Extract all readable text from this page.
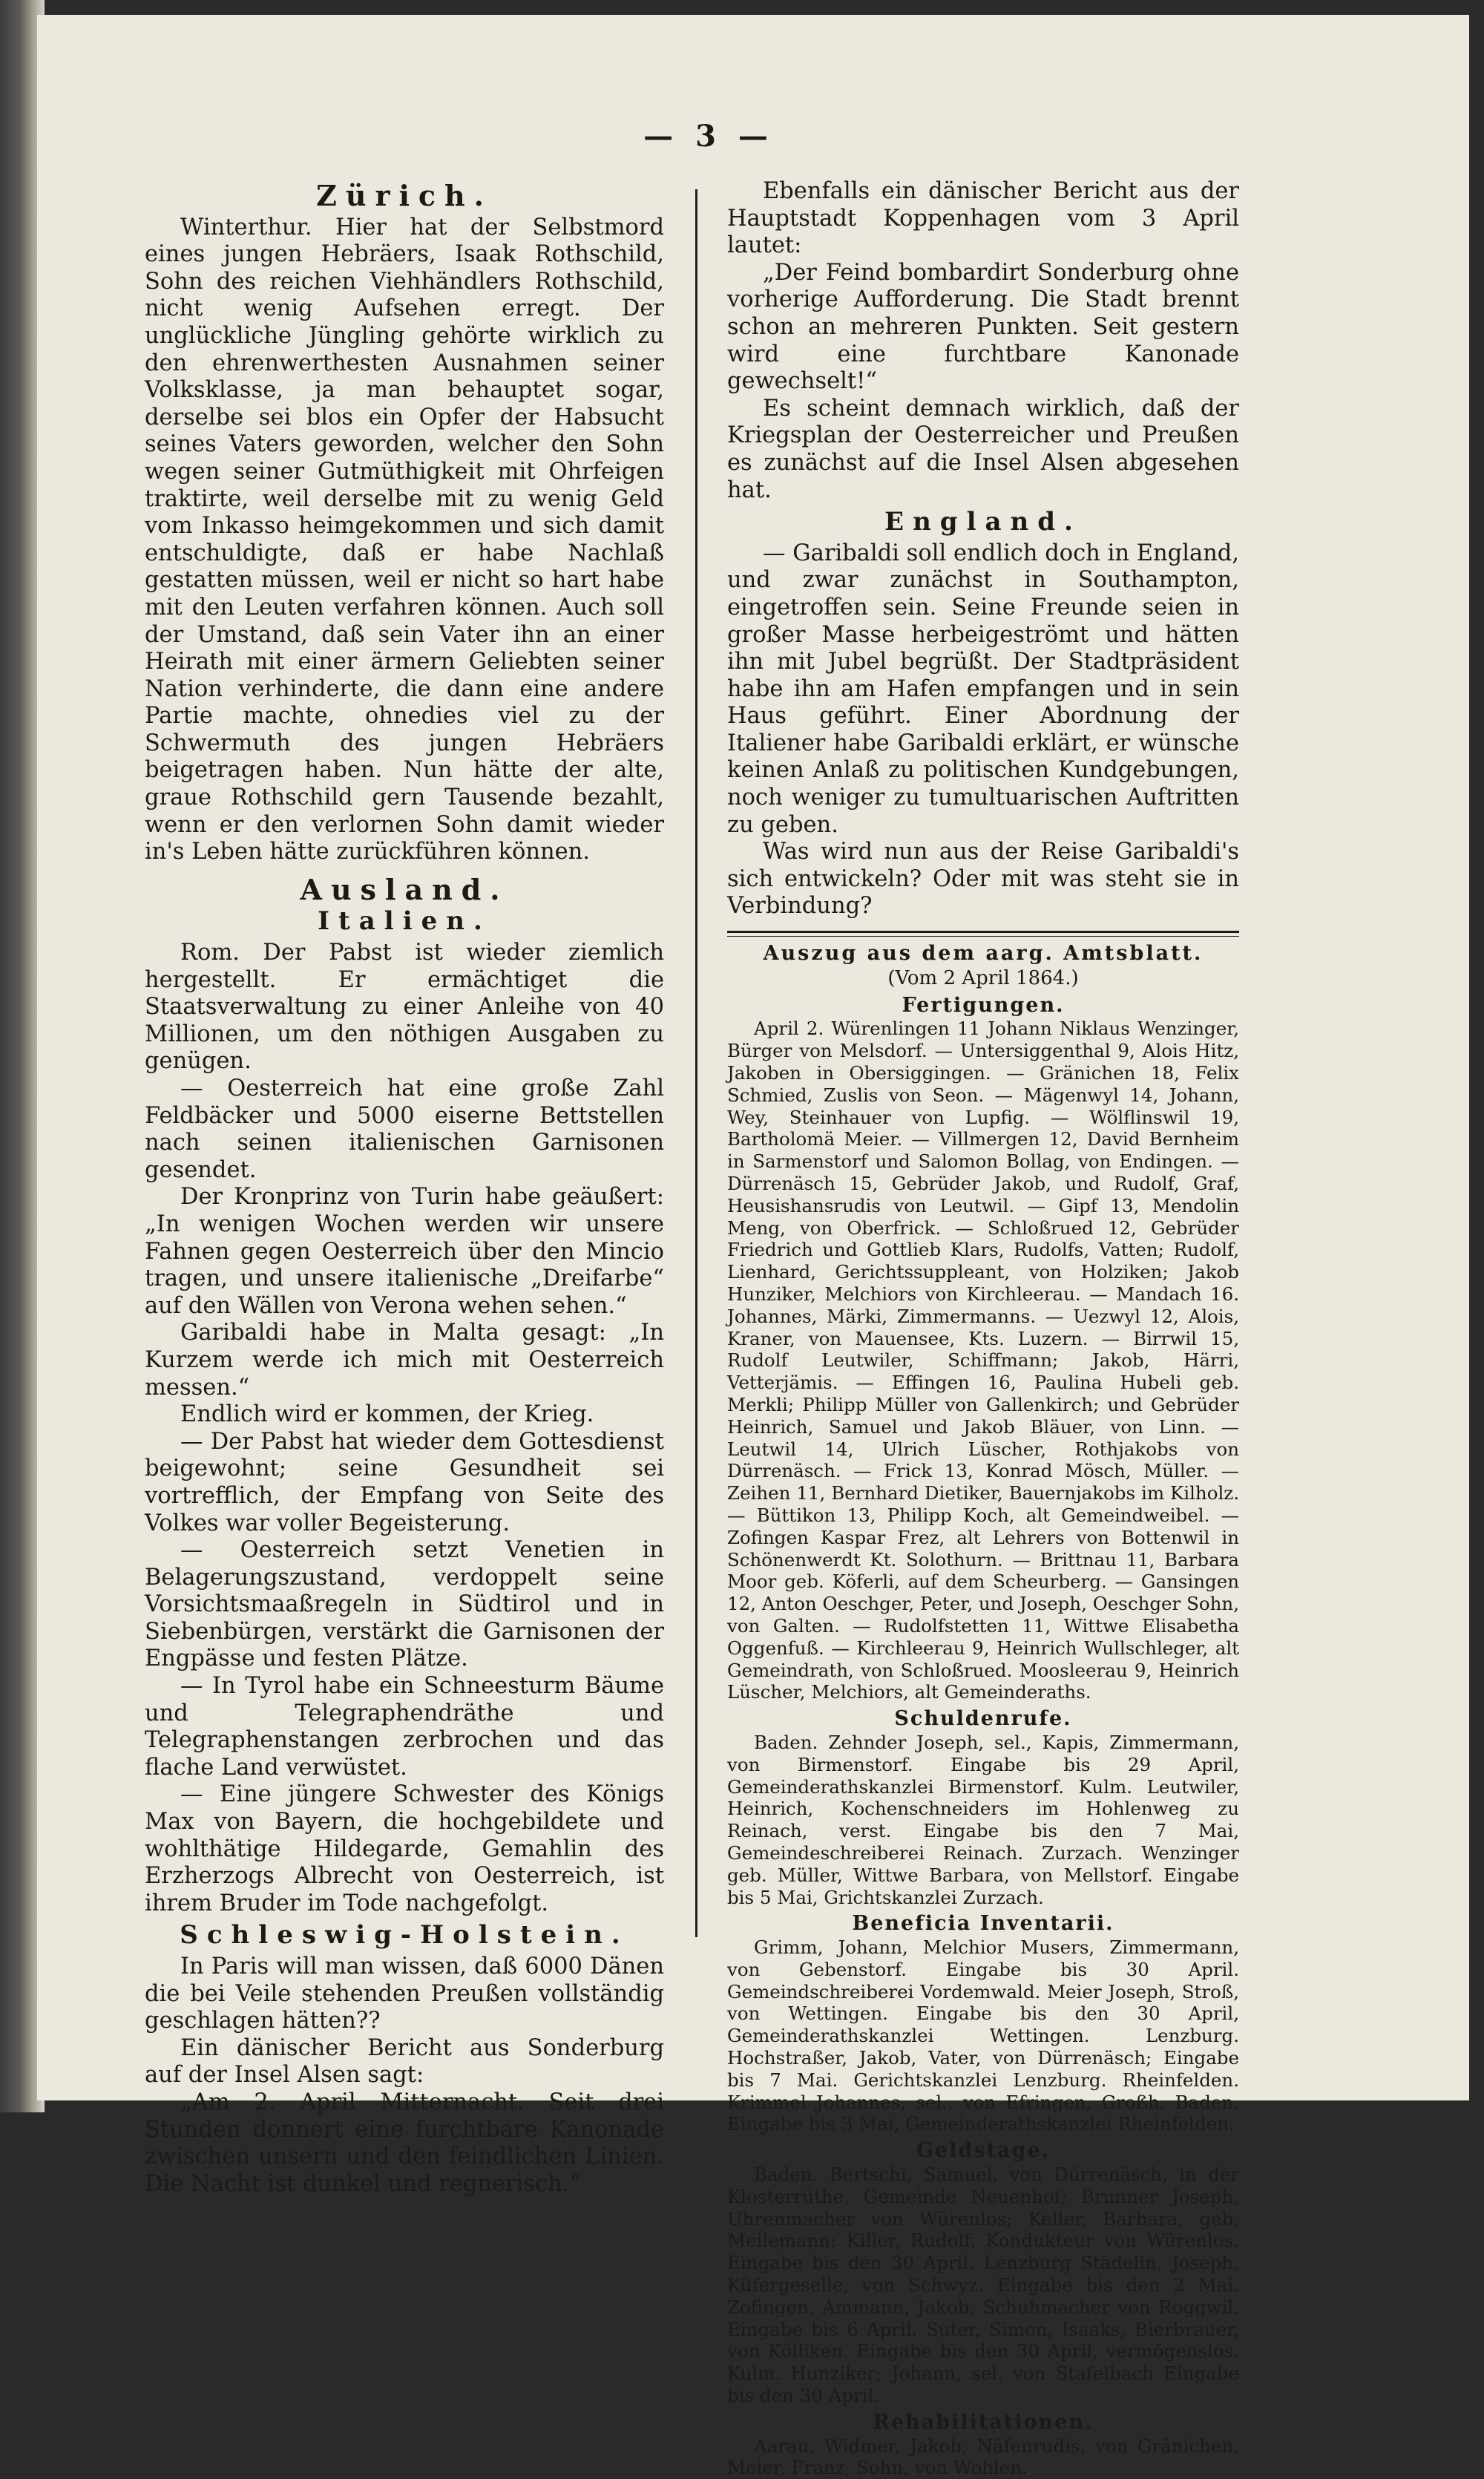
— 3 —
Zürich.

Winterthur. Hier hat der Selbstmord eines jungen Hebräers, Isaak Rothschild, Sohn des reichen Viehhändlers Rothschild, nicht wenig Aufsehen erregt. Der unglückliche Jüngling gehörte wirklich zu den ehrenwerthesten Ausnahmen seiner Volksklasse, ja man behauptet sogar, derselbe sei blos ein Opfer der Habsucht seines Vaters geworden, welcher den Sohn wegen seiner Gutmüthigkeit mit Ohrfeigen traktirte, weil derselbe mit zu wenig Geld vom Inkasso heimgekommen und sich damit entschuldigte, daß er habe Nachlaß gestatten müssen, weil er nicht so hart habe mit den Leuten verfahren können. Auch soll der Umstand, daß sein Vater ihn an einer Heirath mit einer ärmern Geliebten seiner Nation verhinderte, die dann eine andere Partie machte, ohnedies viel zu der Schwermuth des jungen Hebräers beigetragen haben. Nun hätte der alte, graue Rothschild gern Tausende bezahlt, wenn er den verlornen Sohn damit wieder in's Leben hätte zurückführen können.

Ausland.
Italien.

Rom. Der Pabst ist wieder ziemlich hergestellt. Er ermächtiget die Staatsverwaltung zu einer Anleihe von 40 Millionen, um den nöthigen Ausgaben zu genügen.

— Oesterreich hat eine große Zahl Feldbäcker und 5000 eiserne Bettstellen nach seinen italienischen Garnisonen gesendet.

Der Kronprinz von Turin habe geäußert: „In wenigen Wochen werden wir unsere Fahnen gegen Oesterreich über den Mincio tragen, und unsere italienische „Dreifarbe“ auf den Wällen von Verona wehen sehen.“

Garibaldi habe in Malta gesagt: „In Kurzem werde ich mich mit Oesterreich messen.“

Endlich wird er kommen, der Krieg.

— Der Pabst hat wieder dem Gottesdienst beigewohnt; seine Gesundheit sei vortrefflich, der Empfang von Seite des Volkes war voller Begeisterung.

— Oesterreich setzt Venetien in Belagerungszustand, verdoppelt seine Vorsichtsmaaßregeln in Südtirol und in Siebenbürgen, verstärkt die Garnisonen der Engpässe und festen Plätze.

— In Tyrol habe ein Schneesturm Bäume und Telegraphendräthe und Telegraphenstangen zerbrochen und das flache Land verwüstet.

— Eine jüngere Schwester des Königs Max von Bayern, die hochgebildete und wohlthätige Hildegarde, Gemahlin des Erzherzogs Albrecht von Oesterreich, ist ihrem Bruder im Tode nachgefolgt.

Schleswig-Holstein.

In Paris will man wissen, daß 6000 Dänen die bei Veile stehenden Preußen vollständig geschlagen hätten??

Ein dänischer Bericht aus Sonderburg auf der Insel Alsen sagt:

„Am 2. April Mitternacht. Seit drei Stunden donnert eine furchtbare Kanonade zwischen unsern und den feindlichen Linien. Die Nacht ist dunkel und regnerisch.“

Ebenfalls ein dänischer Bericht aus der Hauptstadt Koppenhagen vom 3 April lautet:

„Der Feind bombardirt Sonderburg ohne vorherige Aufforderung. Die Stadt brennt schon an mehreren Punkten. Seit gestern wird eine furchtbare Kanonade gewechselt!“

Es scheint demnach wirklich, daß der Kriegsplan der Oesterreicher und Preußen es zunächst auf die Insel Alsen abgesehen hat.

England.

— Garibaldi soll endlich doch in England, und zwar zunächst in Southampton, eingetroffen sein. Seine Freunde seien in großer Masse herbeigeströmt und hätten ihn mit Jubel begrüßt. Der Stadtpräsident habe ihn am Hafen empfangen und in sein Haus geführt. Einer Abordnung der Italiener habe Garibaldi erklärt, er wünsche keinen Anlaß zu politischen Kundgebungen, noch weniger zu tumultuarischen Auftritten zu geben.

Was wird nun aus der Reise Garibaldi's sich entwickeln? Oder mit was steht sie in Verbindung?

Auszug aus dem aarg. Amtsblatt.
(Vom 2 April 1864.)
Fertigungen.

April 2. Würenlingen 11 Johann Niklaus Wenzinger, Bürger von Melsdorf. — Untersiggenthal 9, Alois Hitz, Jakoben in Obersiggingen. — Gränichen 18, Felix Schmied, Zuslis von Seon. — Mägenwyl 14, Johann, Wey, Steinhauer von Lupfig. — Wölflinswil 19, Bartholomä Meier. — Villmergen 12, David Bernheim in Sarmenstorf und Salomon Bollag, von Endingen. — Dürrenäsch 15, Gebrüder Jakob, und Rudolf, Graf, Heusishansrudis von Leutwil. — Gipf 13, Mendolin Meng, von Oberfrick. — Schloßrued 12, Gebrüder Friedrich und Gottlieb Klars, Rudolfs, Vatten; Rudolf, Lienhard, Gerichtssuppleant, von Holziken; Jakob Hunziker, Melchiors von Kirchleerau. — Mandach 16. Johannes, Märki, Zimmermanns. — Uezwyl 12, Alois, Kraner, von Mauensee, Kts. Luzern. — Birrwil 15, Rudolf Leutwiler, Schiffmann; Jakob, Härri, Vetterjämis. — Effingen 16, Paulina Hubeli geb. Merkli; Philipp Müller von Gallenkirch; und Gebrüder Heinrich, Samuel und Jakob Bläuer, von Linn. — Leutwil 14, Ulrich Lüscher, Rothjakobs von Dürrenäsch. — Frick 13, Konrad Mösch, Müller. — Zeihen 11, Bernhard Dietiker, Bauernjakobs im Kilholz. — Büttikon 13, Philipp Koch, alt Gemeindweibel. — Zofingen Kaspar Frez, alt Lehrers von Bottenwil in Schönenwerdt Kt. Solothurn. — Brittnau 11, Barbara Moor geb. Köferli, auf dem Scheurberg. — Gansingen 12, Anton Oeschger, Peter, und Joseph, Oeschger Sohn, von Galten. — Rudolfstetten 11, Wittwe Elisabetha Oggenfuß. — Kirchleerau 9, Heinrich Wullschleger, alt Gemeindrath, von Schloßrued. Moosleerau 9, Heinrich Lüscher, Melchiors, alt Gemeinderaths.

Schuldenrufe.

Baden. Zehnder Joseph, sel., Kapis, Zimmermann, von Birmenstorf. Eingabe bis 29 April, Gemeinderathskanzlei Birmenstorf. Kulm. Leutwiler, Heinrich, Kochenschneiders im Hohlenweg zu Reinach, verst. Eingabe bis den 7 Mai, Gemeindeschreiberei Reinach. Zurzach. Wenzinger geb. Müller, Wittwe Barbara, von Mellstorf. Eingabe bis 5 Mai, Grichtskanzlei Zurzach.

Beneficia Inventarii.

Grimm, Johann, Melchior Musers, Zimmermann, von Gebenstorf. Eingabe bis 30 April. Gemeindschreiberei Vordemwald. Meier Joseph, Stroß, von Wettingen. Eingabe bis den 30 April, Gemeinderathskanzlei Wettingen. Lenzburg. Hochstraßer, Jakob, Vater, von Dürrenäsch; Eingabe bis 7 Mai. Gerichtskanzlei Lenzburg. Rheinfelden. Krimmel Johannes, sel., von Efringen, Großh. Baden. Eingabe bis 3 Mai, Gemeinderathskanzlei Rheinfelden.

Geldstage.

Baden. Bertschi, Samuel, von Dürrenäsch, in der Klosterrüthe, Gemeinde Neuenhof; Brunner Joseph, Uhrenmacher von Würenlos; Keller, Barbara, geb. Meilemann; Killer, Rudolf, Kondukteur von Würenlos. Eingabe bis den 30 April. Lenzburg Städelin, Joseph, Küfergeselle, von Schwyz. Eingabe bis den 2 Mai. Zofingen. Ammann, Jakob, Schuhmacher von Roggwil. Eingabe bis 6 April. Suter, Simon, Isaaks, Bierbrauer, von Kölliken. Eingabe bis den 30 April, vermögenslos. Kulm. Hunziker; Johann, sel. von Stafelbach Eingabe bis den 30 April.

Rehabilitationen.

Aarau. Widmer, Jakob, Näfenrudis, von Gränichen, Meier, Franz, Sohn, von Wohlen.
